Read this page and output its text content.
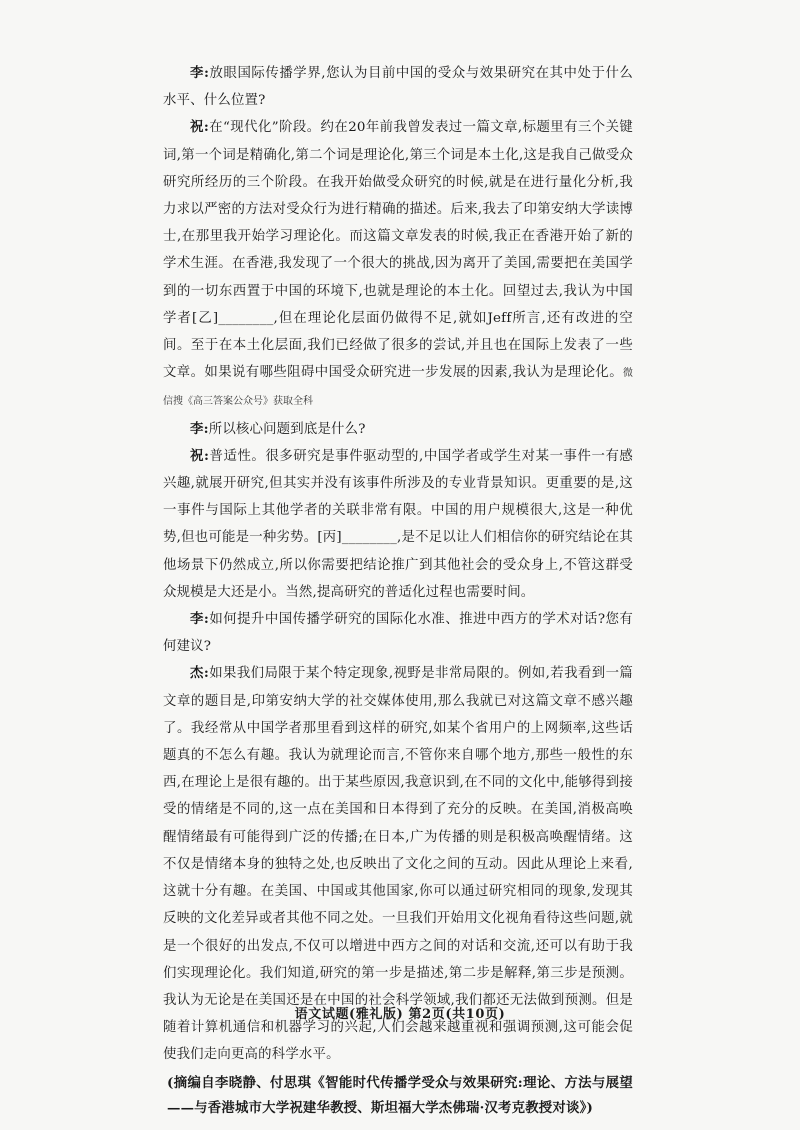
李:放眼国际传播学界,您认为目前中国的受众与效果研究在其中处于什么水平、什么位置?

祝:在“现代化”阶段。约在20年前我曾发表过一篇文章,标题里有三个关键词,第一个词是精确化,第二个词是理论化,第三个词是本土化,这是我自己做受众研究所经历的三个阶段。在我开始做受众研究的时候,就是在进行量化分析,我力求以严密的方法对受众行为进行精确的描述。后来,我去了印第安纳大学读博士,在那里我开始学习理论化。而这篇文章发表的时候,我正在香港开始了新的学术生涯。在香港,我发现了一个很大的挑战,因为离开了美国,需要把在美国学到的一切东西置于中国的环境下,也就是理论的本土化。回望过去,我认为中国学者[乙]________,但在理论化层面仍做得不足,就如Jeff所言,还有改进的空间。至于在本土化层面,我们已经做了很多的尝试,并且也在国际上发表了一些文章。如果说有哪些阻碍中国受众研究进一步发展的因素,我认为是理论化。微信搜《高三答案公众号》获取全科

李:所以核心问题到底是什么?

祝:普适性。很多研究是事件驱动型的,中国学者或学生对某一事件一有感兴趣,就展开研究,但其实并没有该事件所涉及的专业背景知识。更重要的是,这一事件与国际上其他学者的关联非常有限。中国的用户规模很大,这是一种优势,但也可能是一种劣势。[丙]________,是不足以让人们相信你的研究结论在其他场景下仍然成立,所以你需要把结论推广到其他社会的受众身上,不管这群受众规模是大还是小。当然,提高研究的普适化过程也需要时间。

李:如何提升中国传播学研究的国际化水准、推进中西方的学术对话?您有何建议?

杰:如果我们局限于某个特定现象,视野是非常局限的。例如,若我看到一篇文章的题目是,印第安纳大学的社交媒体使用,那么我就已对这篇文章不感兴趣了。我经常从中国学者那里看到这样的研究,如某个省用户的上网频率,这些话题真的不怎么有趣。我认为就理论而言,不管你来自哪个地方,那些一般性的东西,在理论上是很有趣的。出于某些原因,我意识到,在不同的文化中,能够得到接受的情绪是不同的,这一点在美国和日本得到了充分的反映。在美国,消极高唤醒情绪最有可能得到广泛的传播;在日本,广为传播的则是积极高唤醒情绪。这不仅是情绪本身的独特之处,也反映出了文化之间的互动。因此从理论上来看,这就十分有趣。在美国、中国或其他国家,你可以通过研究相同的现象,发现其反映的文化差异或者其他不同之处。一旦我们开始用文化视角看待这些问题,就是一个很好的出发点,不仅可以增进中西方之间的对话和交流,还可以有助于我们实现理论化。我们知道,研究的第一步是描述,第二步是解释,第三步是预测。我认为无论是在美国还是在中国的社会科学领域,我们都还无法做到预测。但是随着计算机通信和机器学习的兴起,人们会越来越重视和强调预测,这可能会促使我们走向更高的科学水平。

(摘编自李晓静、付思琪《智能时代传播学受众与效果研究:理论、方法与展望——与香港城市大学祝建华教授、斯坦福大学杰佛瑞·汉考克教授对谈》)

语文试题(雅礼版) 第2页(共10页)
